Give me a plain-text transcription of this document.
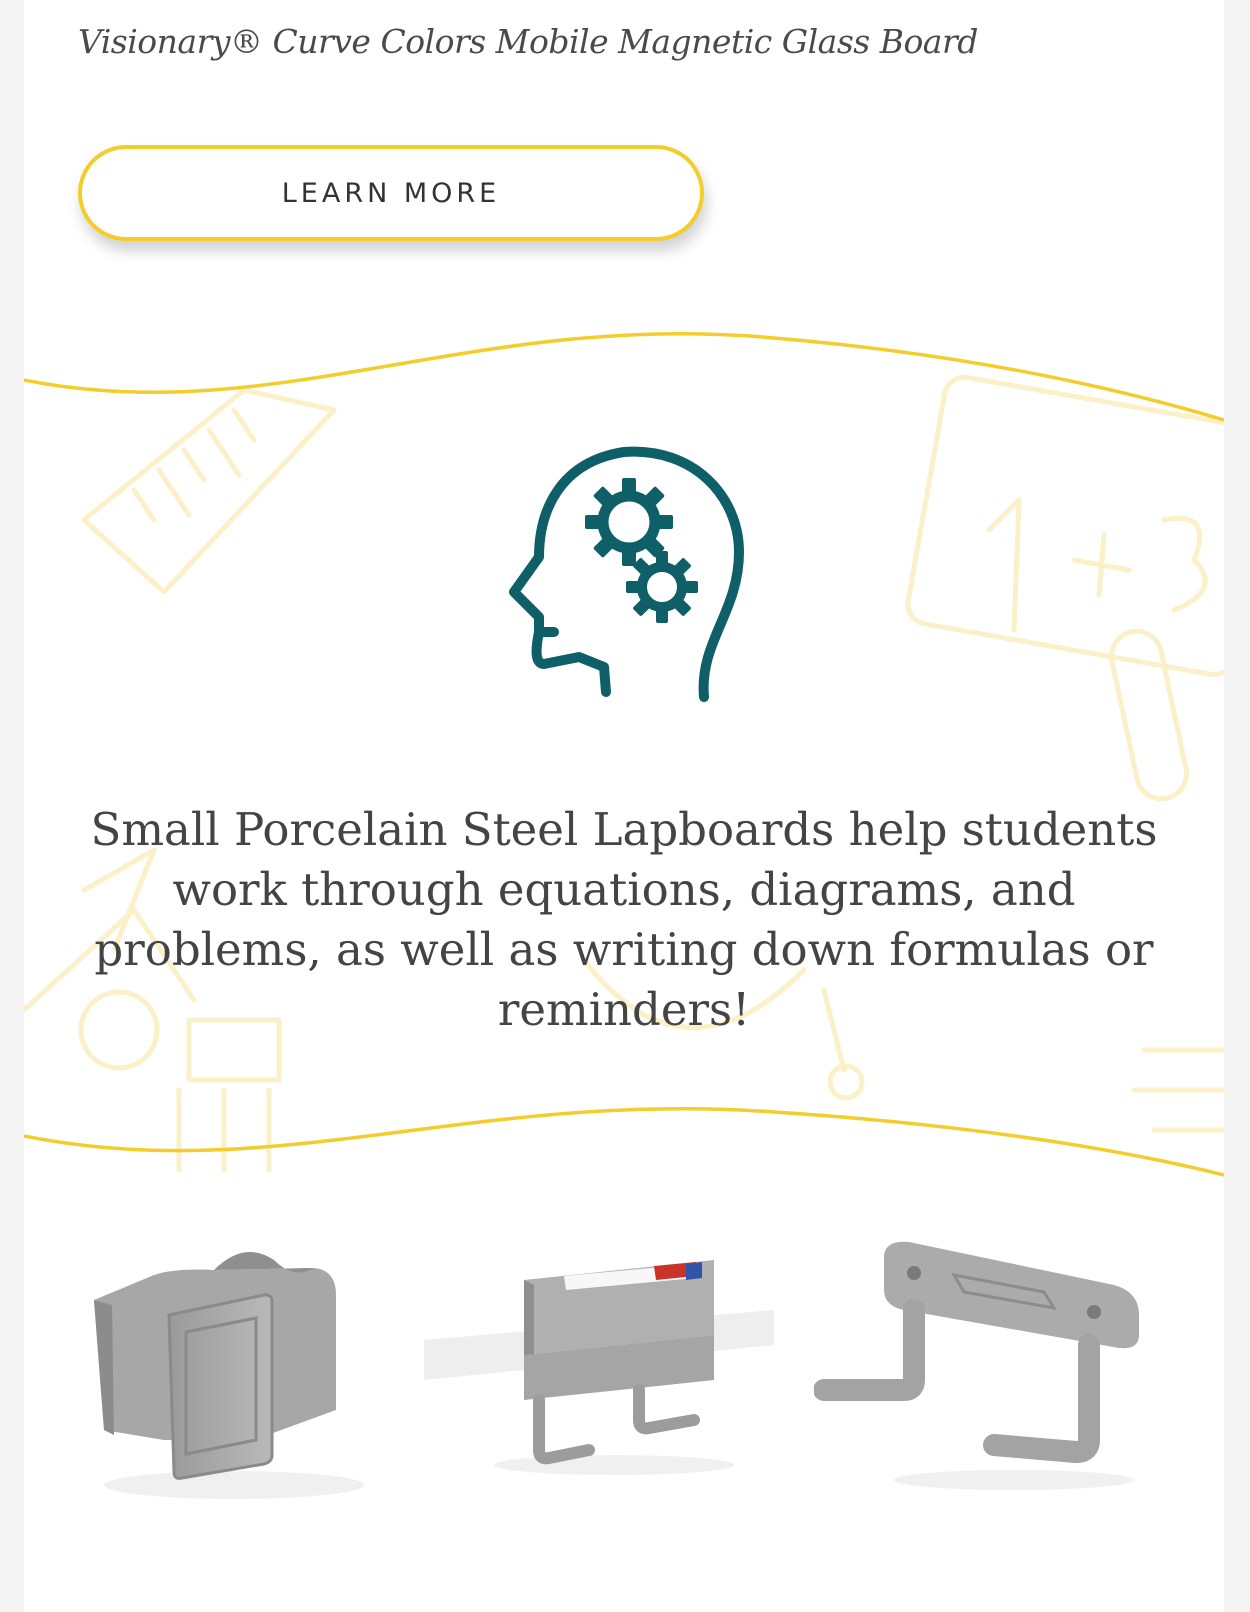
Visionary® Curve Colors Mobile Magnetic Glass Board
LEARN MORE

Small Porcelain Steel Lapboards help students work through equations, diagrams, and problems, as well as writing down formulas or reminders!
